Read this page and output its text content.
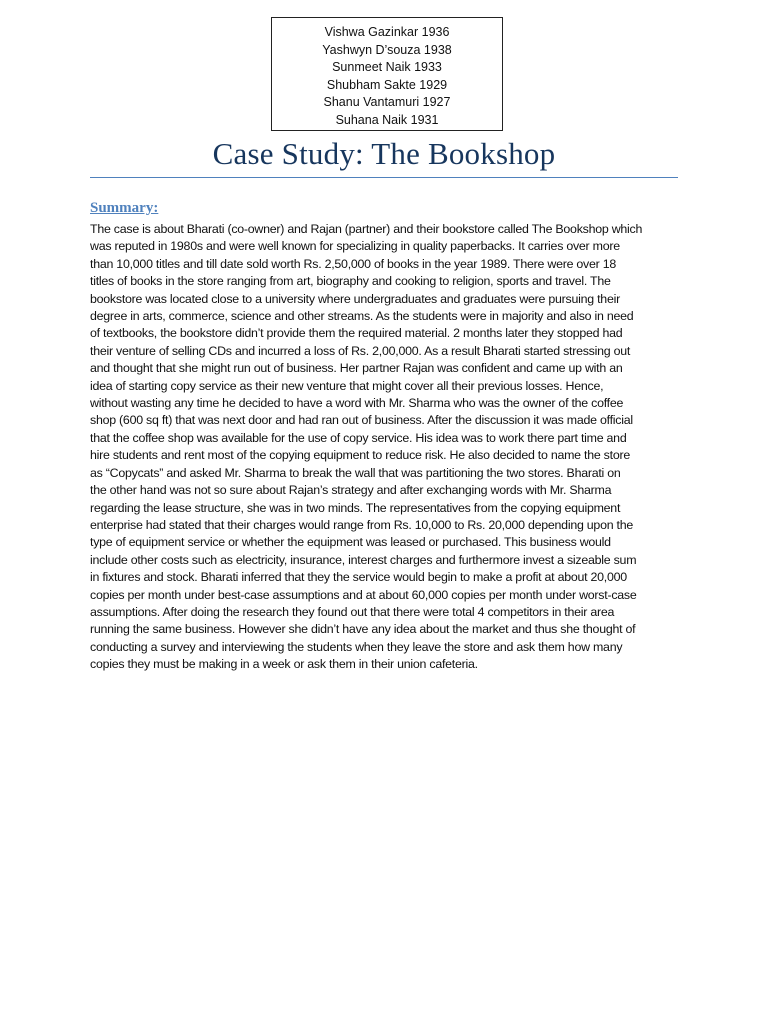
Vishwa Gazinkar 1936
Yashwyn D’souza 1938
Sunmeet Naik 1933
Shubham Sakte 1929
Shanu Vantamuri 1927
Suhana Naik 1931
Case Study: The Bookshop
Summary:
The case is about Bharati (co-owner) and Rajan (partner) and their bookstore called The Bookshop which
was reputed in 1980s and were well known for specializing in quality paperbacks. It carries over more
than 10,000 titles and till date sold worth Rs. 2,50,000 of books in the year 1989. There were over 18
titles of books in the store ranging from art, biography and cooking to religion, sports and travel. The
bookstore was located close to a university where undergraduates and graduates were pursuing their
degree in arts, commerce, science and other streams. As the students were in majority and also in need
of textbooks, the bookstore didn’t provide them the required material. 2 months later they stopped had
their venture of selling CDs and incurred a loss of Rs. 2,00,000. As a result Bharati started stressing out
and thought that she might run out of business. Her partner Rajan was confident and came up with an
idea of starting copy service as their new venture that might cover all their previous losses. Hence,
without wasting any time he decided to have a word with Mr. Sharma who was the owner of the coffee
shop (600 sq ft) that was next door and had ran out of business. After the discussion it was made official
that the coffee shop was available for the use of copy service. His idea was to work there part time and
hire students and rent most of the copying equipment to reduce risk. He also decided to name the store
as “Copycats” and asked Mr. Sharma to break the wall that was partitioning the two stores. Bharati on
the other hand was not so sure about Rajan’s strategy and after exchanging words with Mr. Sharma
regarding the lease structure, she was in two minds. The representatives from the copying equipment
enterprise had stated that their charges would range from Rs. 10,000 to Rs. 20,000 depending upon the
type of equipment service or whether the equipment was leased or purchased. This business would
include other costs such as electricity, insurance, interest charges and furthermore invest a sizeable sum
in fixtures and stock. Bharati inferred that they the service would begin to make a profit at about 20,000
copies per month under best-case assumptions and at about 60,000 copies per month under worst-case
assumptions. After doing the research they found out that there were total 4 competitors in their area
running the same business. However she didn’t have any idea about the market and thus she thought of
conducting a survey and interviewing the students when they leave the store and ask them how many
copies they must be making in a week or ask them in their union cafeteria.
